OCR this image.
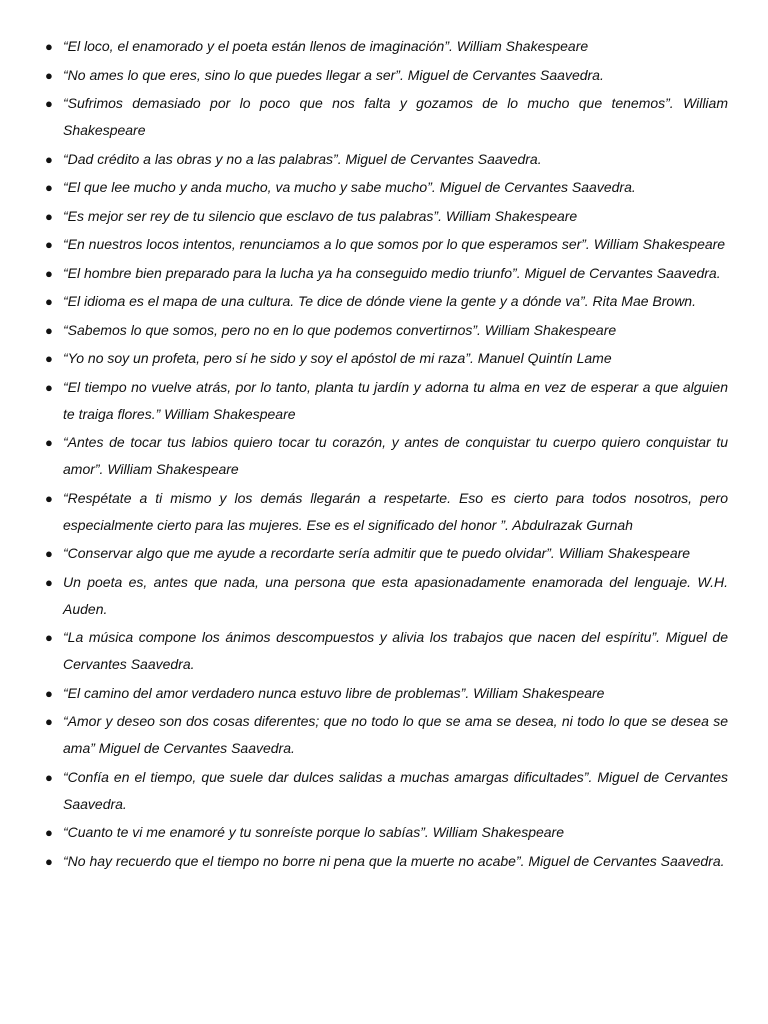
● “El loco, el enamorado y el poeta están llenos de imaginación”. William Shakespeare
● “No ames lo que eres, sino lo que puedes llegar a ser”. Miguel de Cervantes Saavedra.
● “Sufrimos demasiado por lo poco que nos falta y gozamos de lo mucho que tenemos”. William Shakespeare
● “Dad crédito a las obras y no a las palabras”. Miguel de Cervantes Saavedra.
● “El que lee mucho y anda mucho, va mucho y sabe mucho”. Miguel de Cervantes Saavedra.
● “Es mejor ser rey de tu silencio que esclavo de tus palabras”. William Shakespeare
● “En nuestros locos intentos, renunciamos a lo que somos por lo que esperamos ser”. William Shakespeare
● “El hombre bien preparado para la lucha ya ha conseguido medio triunfo”. Miguel de Cervantes Saavedra.
● “El idioma es el mapa de una cultura. Te dice de dónde viene la gente y a dónde va”. Rita Mae Brown.
● “Sabemos lo que somos, pero no en lo que podemos convertirnos”. William Shakespeare
● “Yo no soy un profeta, pero sí he sido y soy el apóstol de mi raza”. Manuel Quintín Lame
● “El tiempo no vuelve atrás, por lo tanto, planta tu jardín y adorna tu alma en vez de esperar a que alguien te traiga flores.” William Shakespeare
● “Antes de tocar tus labios quiero tocar tu corazón, y antes de conquistar tu cuerpo quiero conquistar tu amor”. William Shakespeare
● “Respétate a ti mismo y los demás llegarán a respetarte. Eso es cierto para todos nosotros, pero especialmente cierto para las mujeres. Ese es el significado del honor ”. Abdulrazak Gurnah
● “Conservar algo que me ayude a recordarte sería admitir que te puedo olvidar”. William Shakespeare
● Un poeta es, antes que nada, una persona que esta apasionadamente enamorada del lenguaje. W.H. Auden.
● “La música compone los ánimos descompuestos y alivia los trabajos que nacen del espíritu”. Miguel de Cervantes Saavedra.
● “El camino del amor verdadero nunca estuvo libre de problemas”. William Shakespeare
● “Amor y deseo son dos cosas diferentes; que no todo lo que se ama se desea, ni todo lo que se desea se ama” Miguel de Cervantes Saavedra.
● “Confía en el tiempo, que suele dar dulces salidas a muchas amargas dificultades”. Miguel de Cervantes Saavedra.
● “Cuanto te vi me enamoré y tu sonreíste porque lo sabías”. William Shakespeare
● “No hay recuerdo que el tiempo no borre ni pena que la muerte no acabe”. Miguel de Cervantes Saavedra.
